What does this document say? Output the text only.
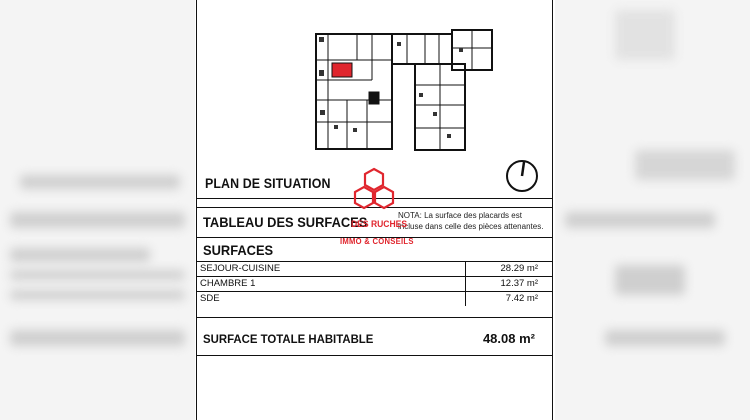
PLAN DE SITUATION
TABLEAU DES SURFACES	NOTA: La surface des placards est
incluse dans celle des pièces attenantes.
SURFACES
SEJOUR-CUISINE	28.29 m²
CHAMBRE 1	12.37 m²
SDE	7.42 m²
SURFACE TOTALE HABITABLE	48.08 m²
DES RUCHES
IMMO & CONSEILS
